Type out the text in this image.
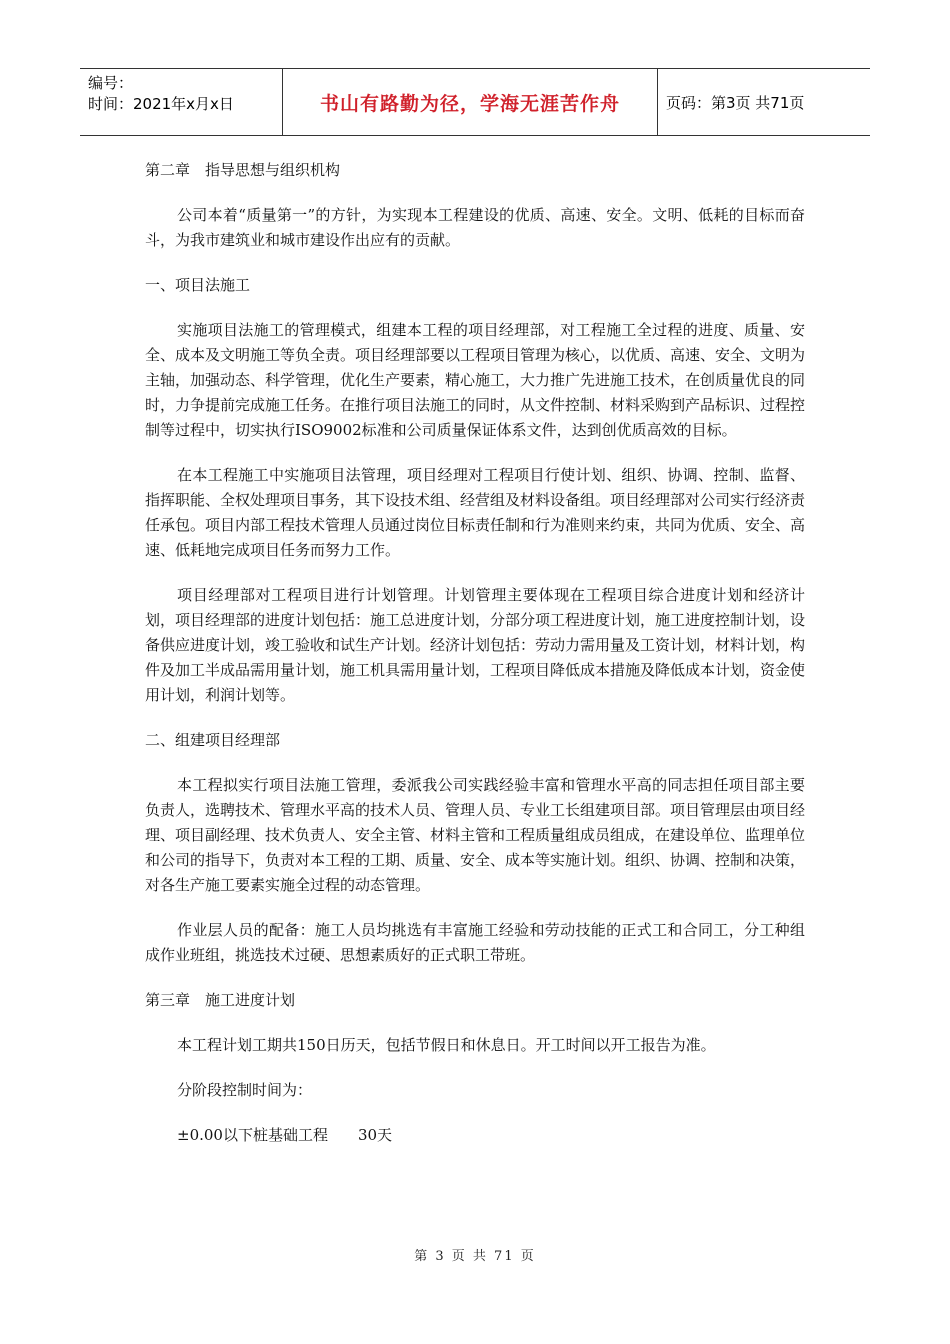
编号：
时间：2021年x月x日	书山有路勤为径，学海无涯苦作舟	页码：第3页 共71页

第二章　指导思想与组织机构

公司本着“质量第一”的方针，为实现本工程建设的优质、高速、安全。文明、低耗的目标而奋斗，为我市建筑业和城市建设作出应有的贡献。

一、项目法施工

实施项目法施工的管理模式，组建本工程的项目经理部，对工程施工全过程的进度、质量、安全、成本及文明施工等负全责。项目经理部要以工程项目管理为核心，以优质、高速、安全、文明为主轴，加强动态、科学管理，优化生产要素，精心施工，大力推广先进施工技术，在创质量优良的同时，力争提前完成施工任务。在推行项目法施工的同时，从文件控制、材料采购到产品标识、过程控制等过程中，切实执行ISO9002标准和公司质量保证体系文件，达到创优质高效的目标。

在本工程施工中实施项目法管理，项目经理对工程项目行使计划、组织、协调、控制、监督、指挥职能、全权处理项目事务，其下设技术组、经营组及材料设备组。项目经理部对公司实行经济责任承包。项目内部工程技术管理人员通过岗位目标责任制和行为准则来约束，共同为优质、安全、高速、低耗地完成项目任务而努力工作。

项目经理部对工程项目进行计划管理。计划管理主要体现在工程项目综合进度计划和经济计划，项目经理部的进度计划包括：施工总进度计划，分部分项工程进度计划，施工进度控制计划，设备供应进度计划，竣工验收和试生产计划。经济计划包括：劳动力需用量及工资计划，材料计划，构件及加工半成品需用量计划，施工机具需用量计划，工程项目降低成本措施及降低成本计划，资金使用计划，利润计划等。

二、组建项目经理部

本工程拟实行项目法施工管理，委派我公司实践经验丰富和管理水平高的同志担任项目部主要负责人，选聘技术、管理水平高的技术人员、管理人员、专业工长组建项目部。项目管理层由项目经理、项目副经理、技术负责人、安全主管、材料主管和工程质量组成员组成，在建设单位、监理单位和公司的指导下，负责对本工程的工期、质量、安全、成本等实施计划。组织、协调、控制和决策，对各生产施工要素实施全过程的动态管理。

作业层人员的配备：施工人员均挑选有丰富施工经验和劳动技能的正式工和合同工，分工种组成作业班组，挑选技术过硬、思想素质好的正式职工带班。

第三章　施工进度计划

本工程计划工期共150日历天，包括节假日和休息日。开工时间以开工报告为准。

分阶段控制时间为：

±0.00以下桩基础工程　　30天

第 3 页 共 71 页
